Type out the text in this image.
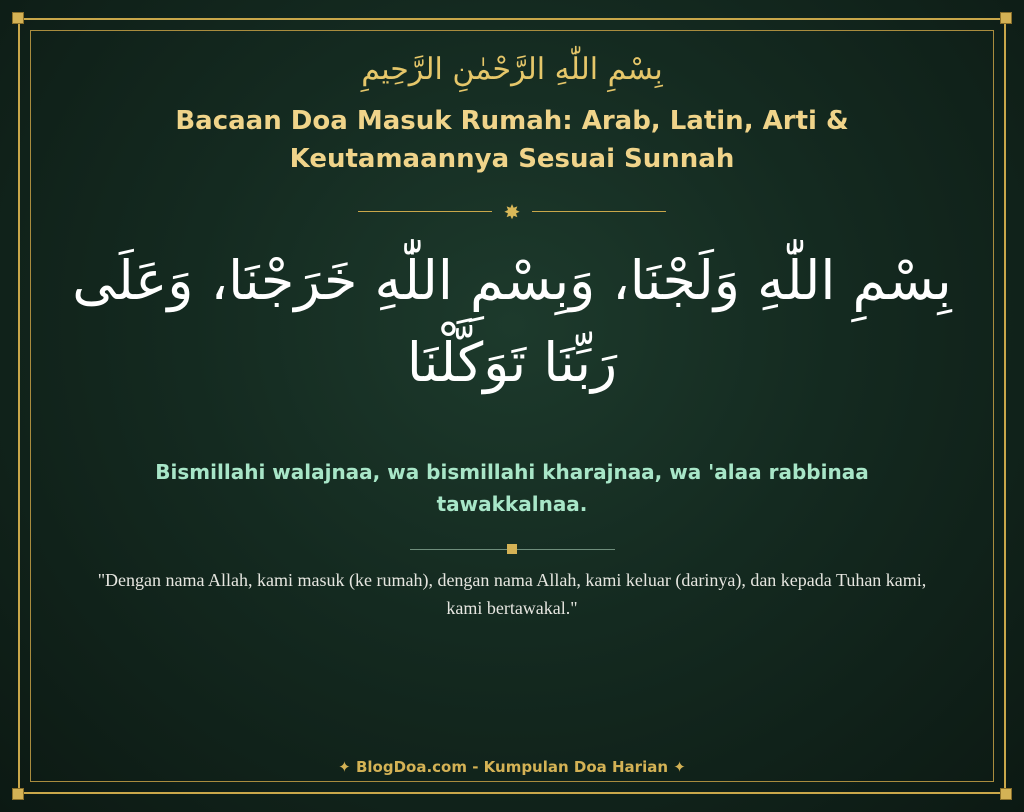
بِسْمِ اللّٰهِ الرَّحْمٰنِ الرَّحِيمِ
Bacaan Doa Masuk Rumah: Arab, Latin, Arti & Keutamaannya Sesuai Sunnah
✸
بِسْمِ اللّٰهِ وَلَجْنَا، وَبِسْمِ اللّٰهِ خَرَجْنَا، وَعَلَى رَبِّنَا تَوَكَّلْنَا
Bismillahi walajnaa, wa bismillahi kharajnaa, wa 'alaa rabbinaa tawakkalnaa.
"Dengan nama Allah, kami masuk (ke rumah), dengan nama Allah, kami keluar (darinya), dan kepada Tuhan kami, kami bertawakal."
✦ BlogDoa.com - Kumpulan Doa Harian ✦
